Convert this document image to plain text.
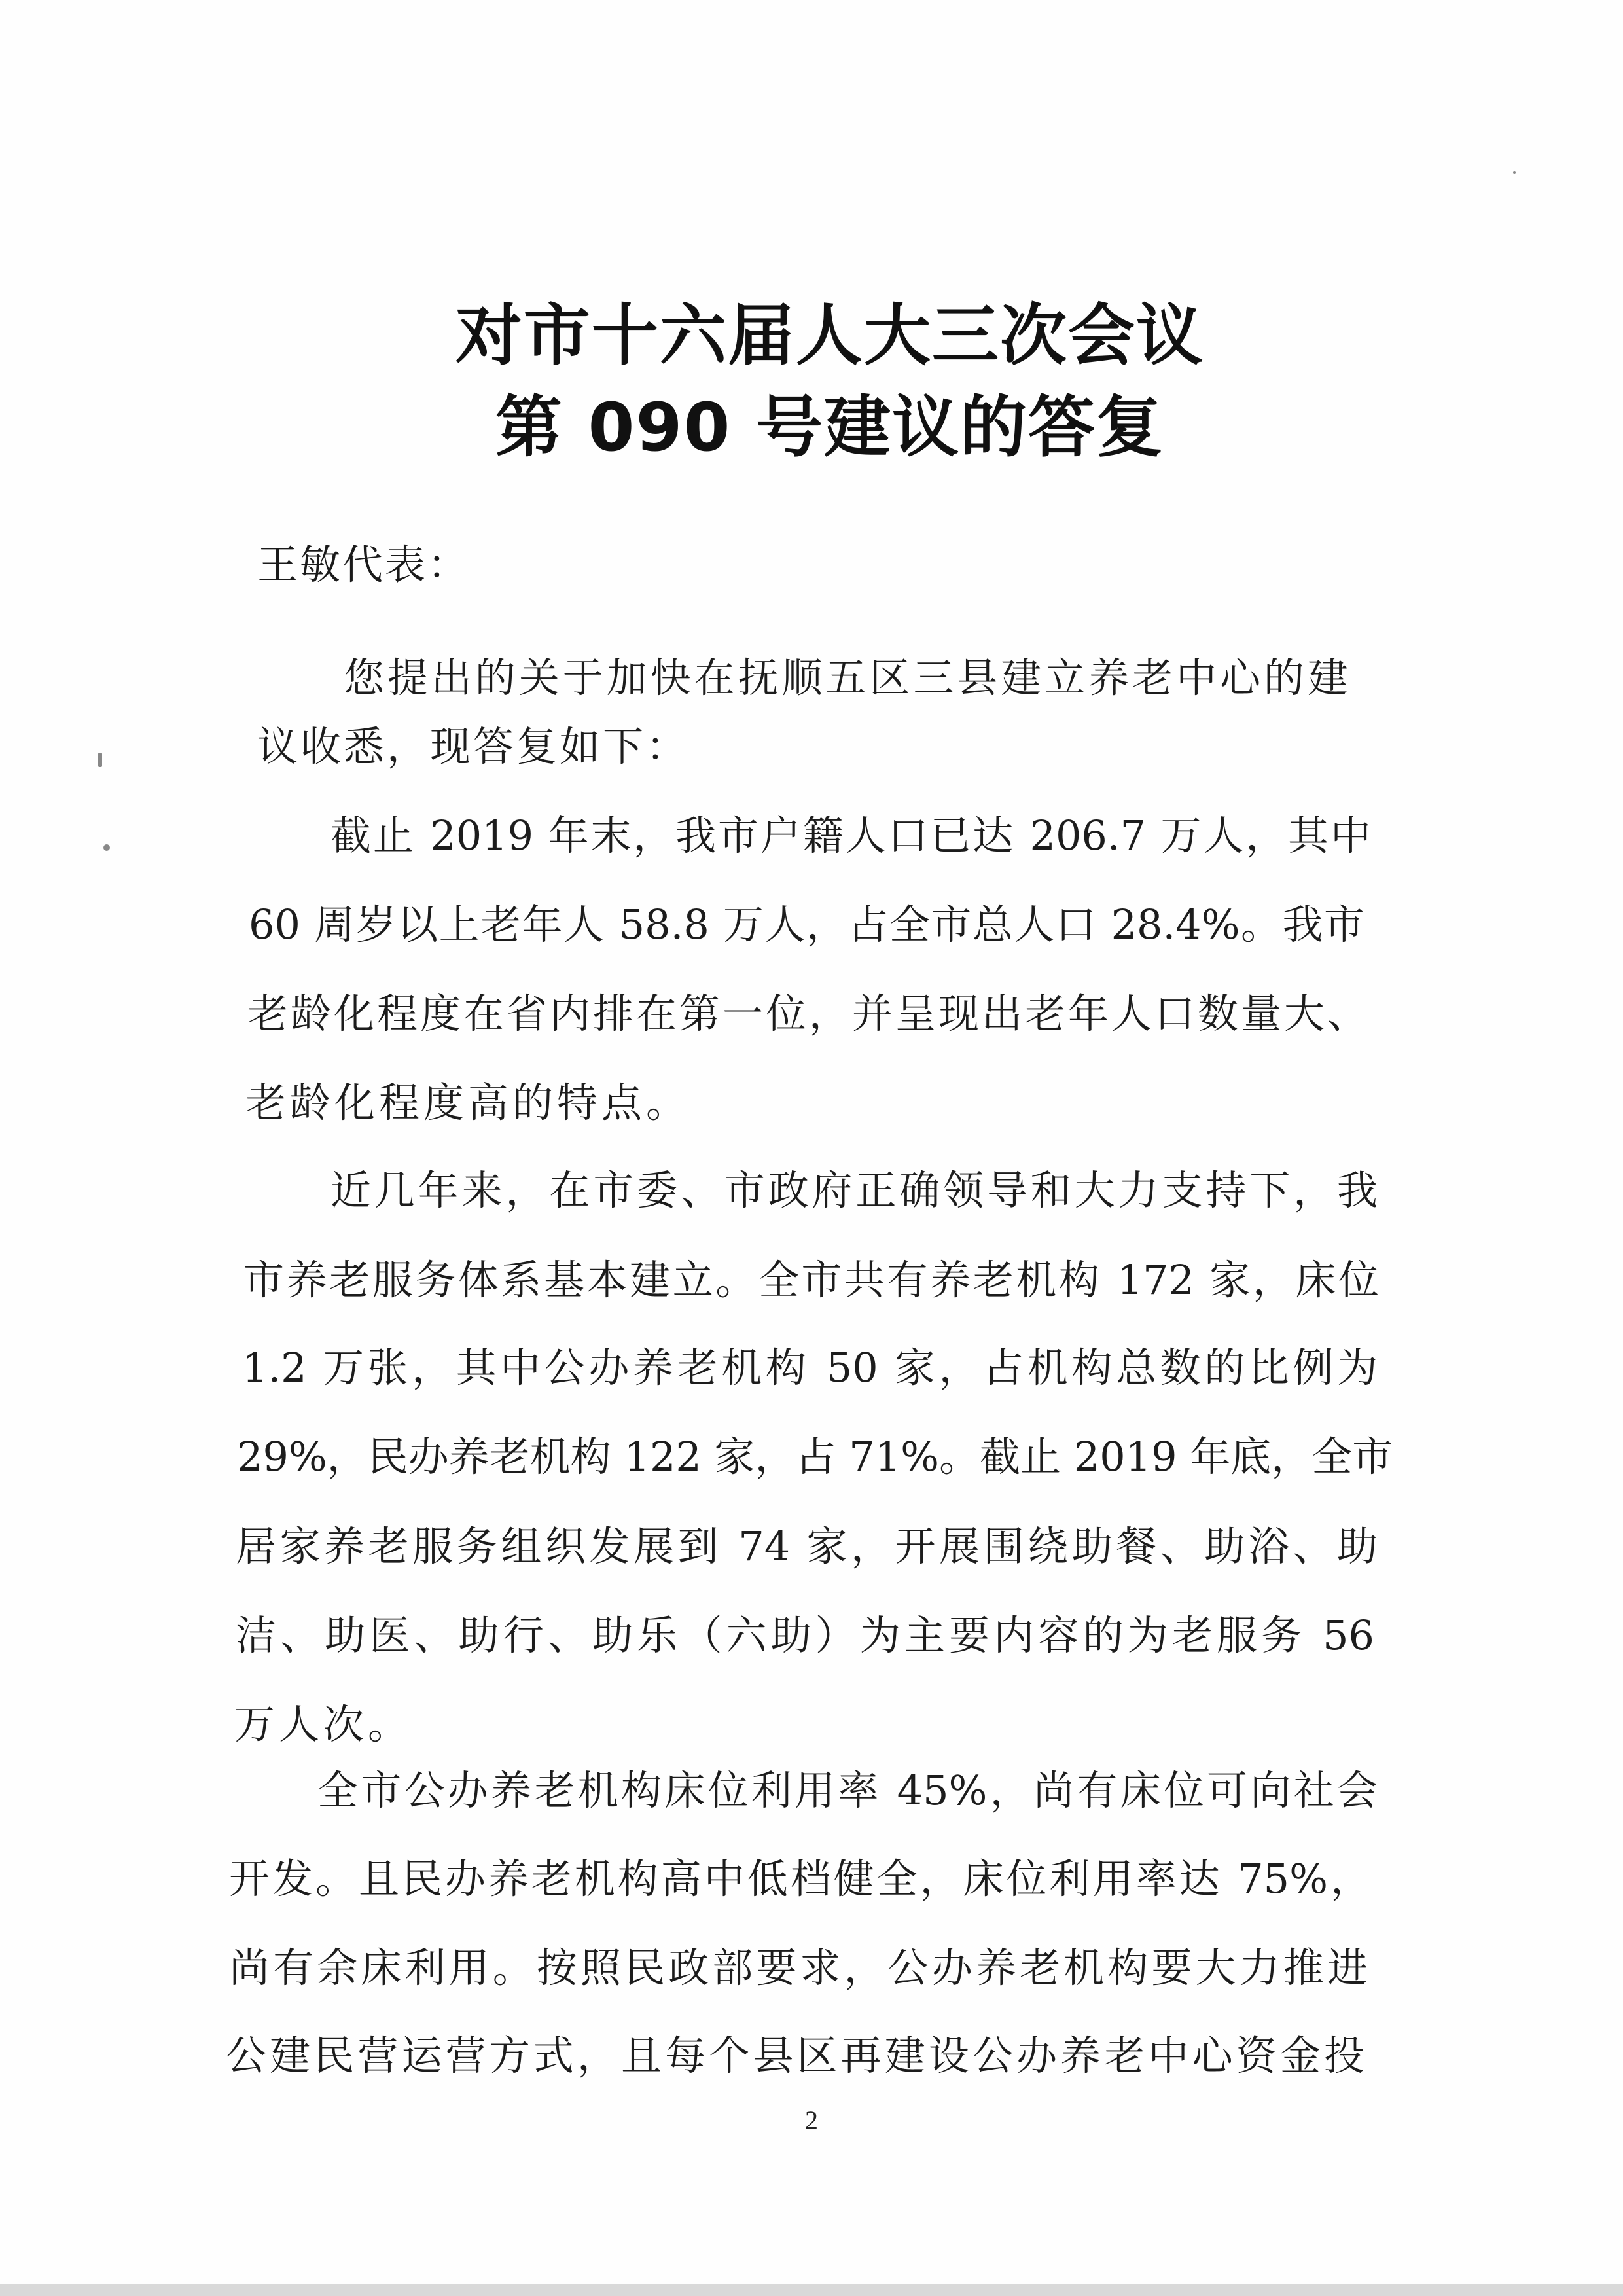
对市十六届人大三次会议
第 090 号建议的答复
王敏代表：
您提出的关于加快在抚顺五区三县建立养老中心的建
议收悉，现答复如下：
截止 2019 年末，我市户籍人口已达 206.7 万人，其中
60 周岁以上老年人 58.8 万人，占全市总人口 28.4%。我市
老龄化程度在省内排在第一位，并呈现出老年人口数量大、
老龄化程度高的特点。
近几年来，在市委、市政府正确领导和大力支持下，我
市养老服务体系基本建立。全市共有养老机构 172 家，床位
1.2 万张，其中公办养老机构 50 家，占机构总数的比例为
29%，民办养老机构 122 家，占 71%。截止 2019 年底，全市
居家养老服务组织发展到 74 家，开展围绕助餐、助浴、助
洁、助医、助行、助乐（六助）为主要内容的为老服务 56
万人次。
全市公办养老机构床位利用率 45%，尚有床位可向社会
开发。且民办养老机构高中低档健全，床位利用率达 75%，
尚有余床利用。按照民政部要求，公办养老机构要大力推进
公建民营运营方式，且每个县区再建设公办养老中心资金投
2
